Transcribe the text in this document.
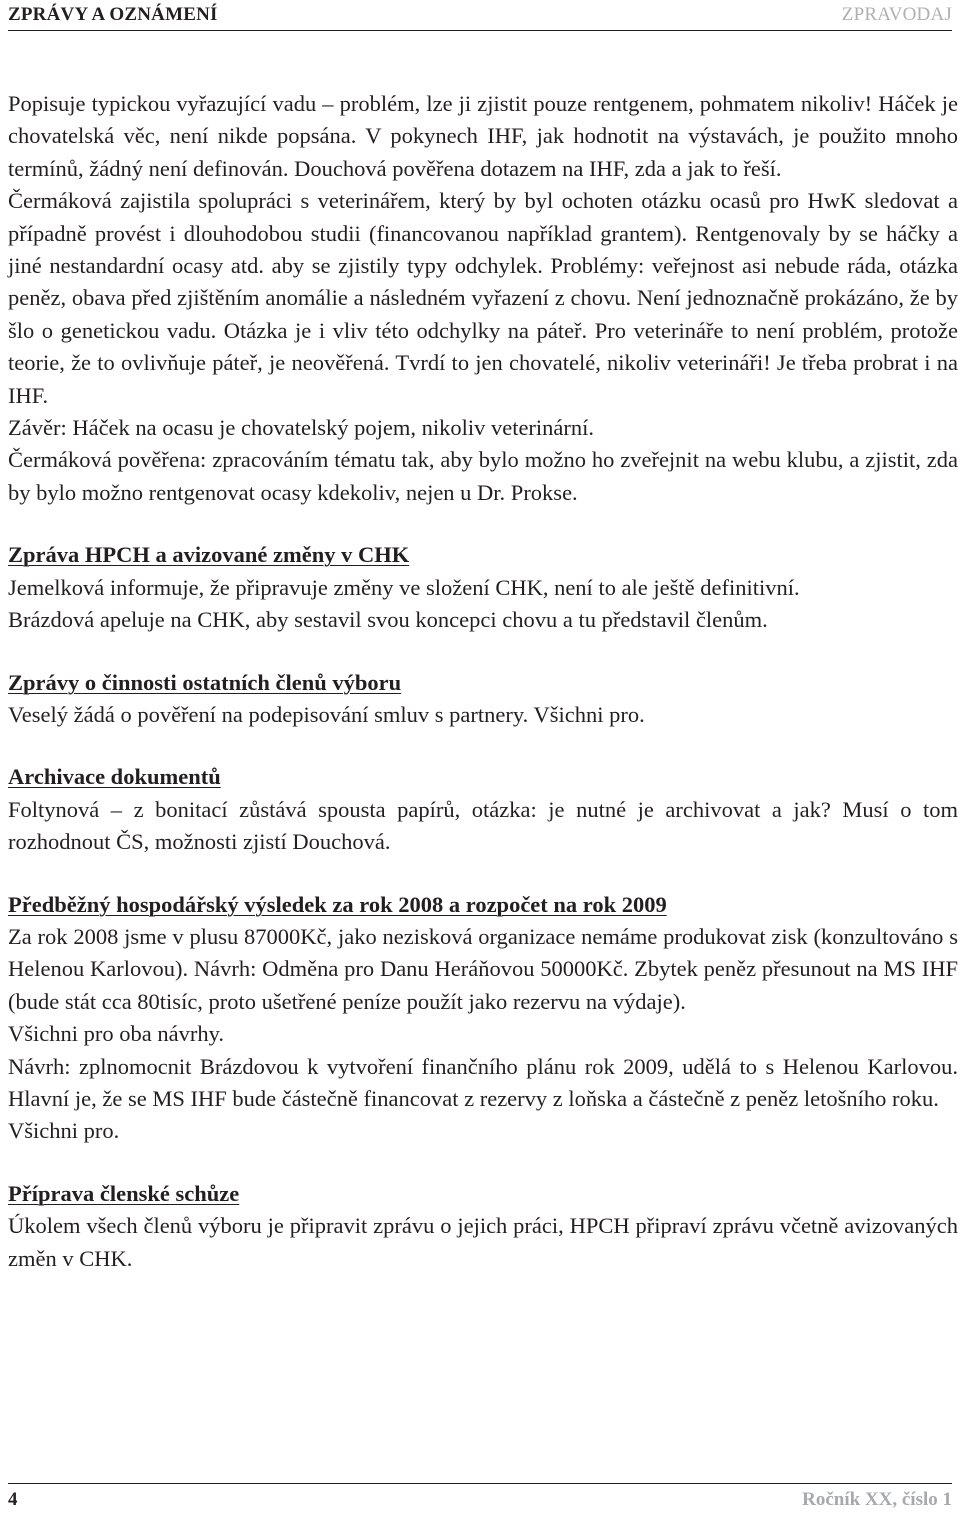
ZPRÁVY A OZNÁMENÍ	ZPRAVODAJ

Popisuje typickou vyřazující vadu – problém, lze ji zjistit pouze rentgenem, pohmatem nikoliv! Háček je chovatelská věc, není nikde popsána. V pokynech IHF, jak hodnotit na výstavách, je použito mnoho termínů, žádný není definován. Douchová pověřena dotazem na IHF, zda a jak to řeší.

Čermáková zajistila spolupráci s veterinářem, který by byl ochoten otázku ocasů pro HwK sledovat a případně provést i dlouhodobou studii (financovanou například grantem). Rentgenovaly by se háčky a jiné nestandardní ocasy atd. aby se zjistily typy odchylek. Problémy: veřejnost asi nebude ráda, otázka peněz, obava před zjištěním anomálie a následném vyřazení z chovu. Není jednoznačně prokázáno, že by šlo o genetickou vadu. Otázka je i vliv této odchylky na páteř. Pro veterináře to není problém, protože teorie, že to ovlivňuje páteř, je neověřená. Tvrdí to jen chovatelé, nikoliv veterináři! Je třeba probrat i na IHF.

Závěr: Háček na ocasu je chovatelský pojem, nikoliv veterinární.

Čermáková pověřena: zpracováním tématu tak, aby bylo možno ho zveřejnit na webu klubu, a zjistit, zda by bylo možno rentgenovat ocasy kdekoliv, nejen u Dr. Prokse.

Zpráva HPCH a avizované změny v CHK

Jemelková informuje, že připravuje změny ve složení CHK, není to ale ještě definitivní.

Brázdová apeluje na CHK, aby sestavil svou koncepci chovu a tu představil členům.

Zprávy o činnosti ostatních členů výboru

Veselý žádá o pověření na podepisování smluv s partnery. Všichni pro.

Archivace dokumentů

Foltynová – z bonitací zůstává spousta papírů, otázka: je nutné je archivovat a jak? Musí o tom rozhodnout ČS, možnosti zjistí Douchová.

Předběžný hospodářský výsledek za rok 2008 a rozpočet na rok 2009

Za rok 2008 jsme v plusu 87000Kč, jako nezisková organizace nemáme produkovat zisk (konzultováno s Helenou Karlovou). Návrh: Odměna pro Danu Heráňovou 50000Kč. Zbytek peněz přesunout na MS IHF (bude stát cca 80tisíc, proto ušetřené peníze použít jako rezervu na výdaje).

Všichni pro oba návrhy.

Návrh: zplnomocnit Brázdovou k vytvoření finančního plánu rok 2009, udělá to s Helenou Karlovou. Hlavní je, že se MS IHF bude částečně financovat z rezervy z loňska a částečně z peněz letošního roku.

Všichni pro.

Příprava členské schůze

Úkolem všech členů výboru je připravit zprávu o jejich práci, HPCH připraví zprávu včetně avizovaných změn v CHK.

4	Ročník XX, číslo 1
